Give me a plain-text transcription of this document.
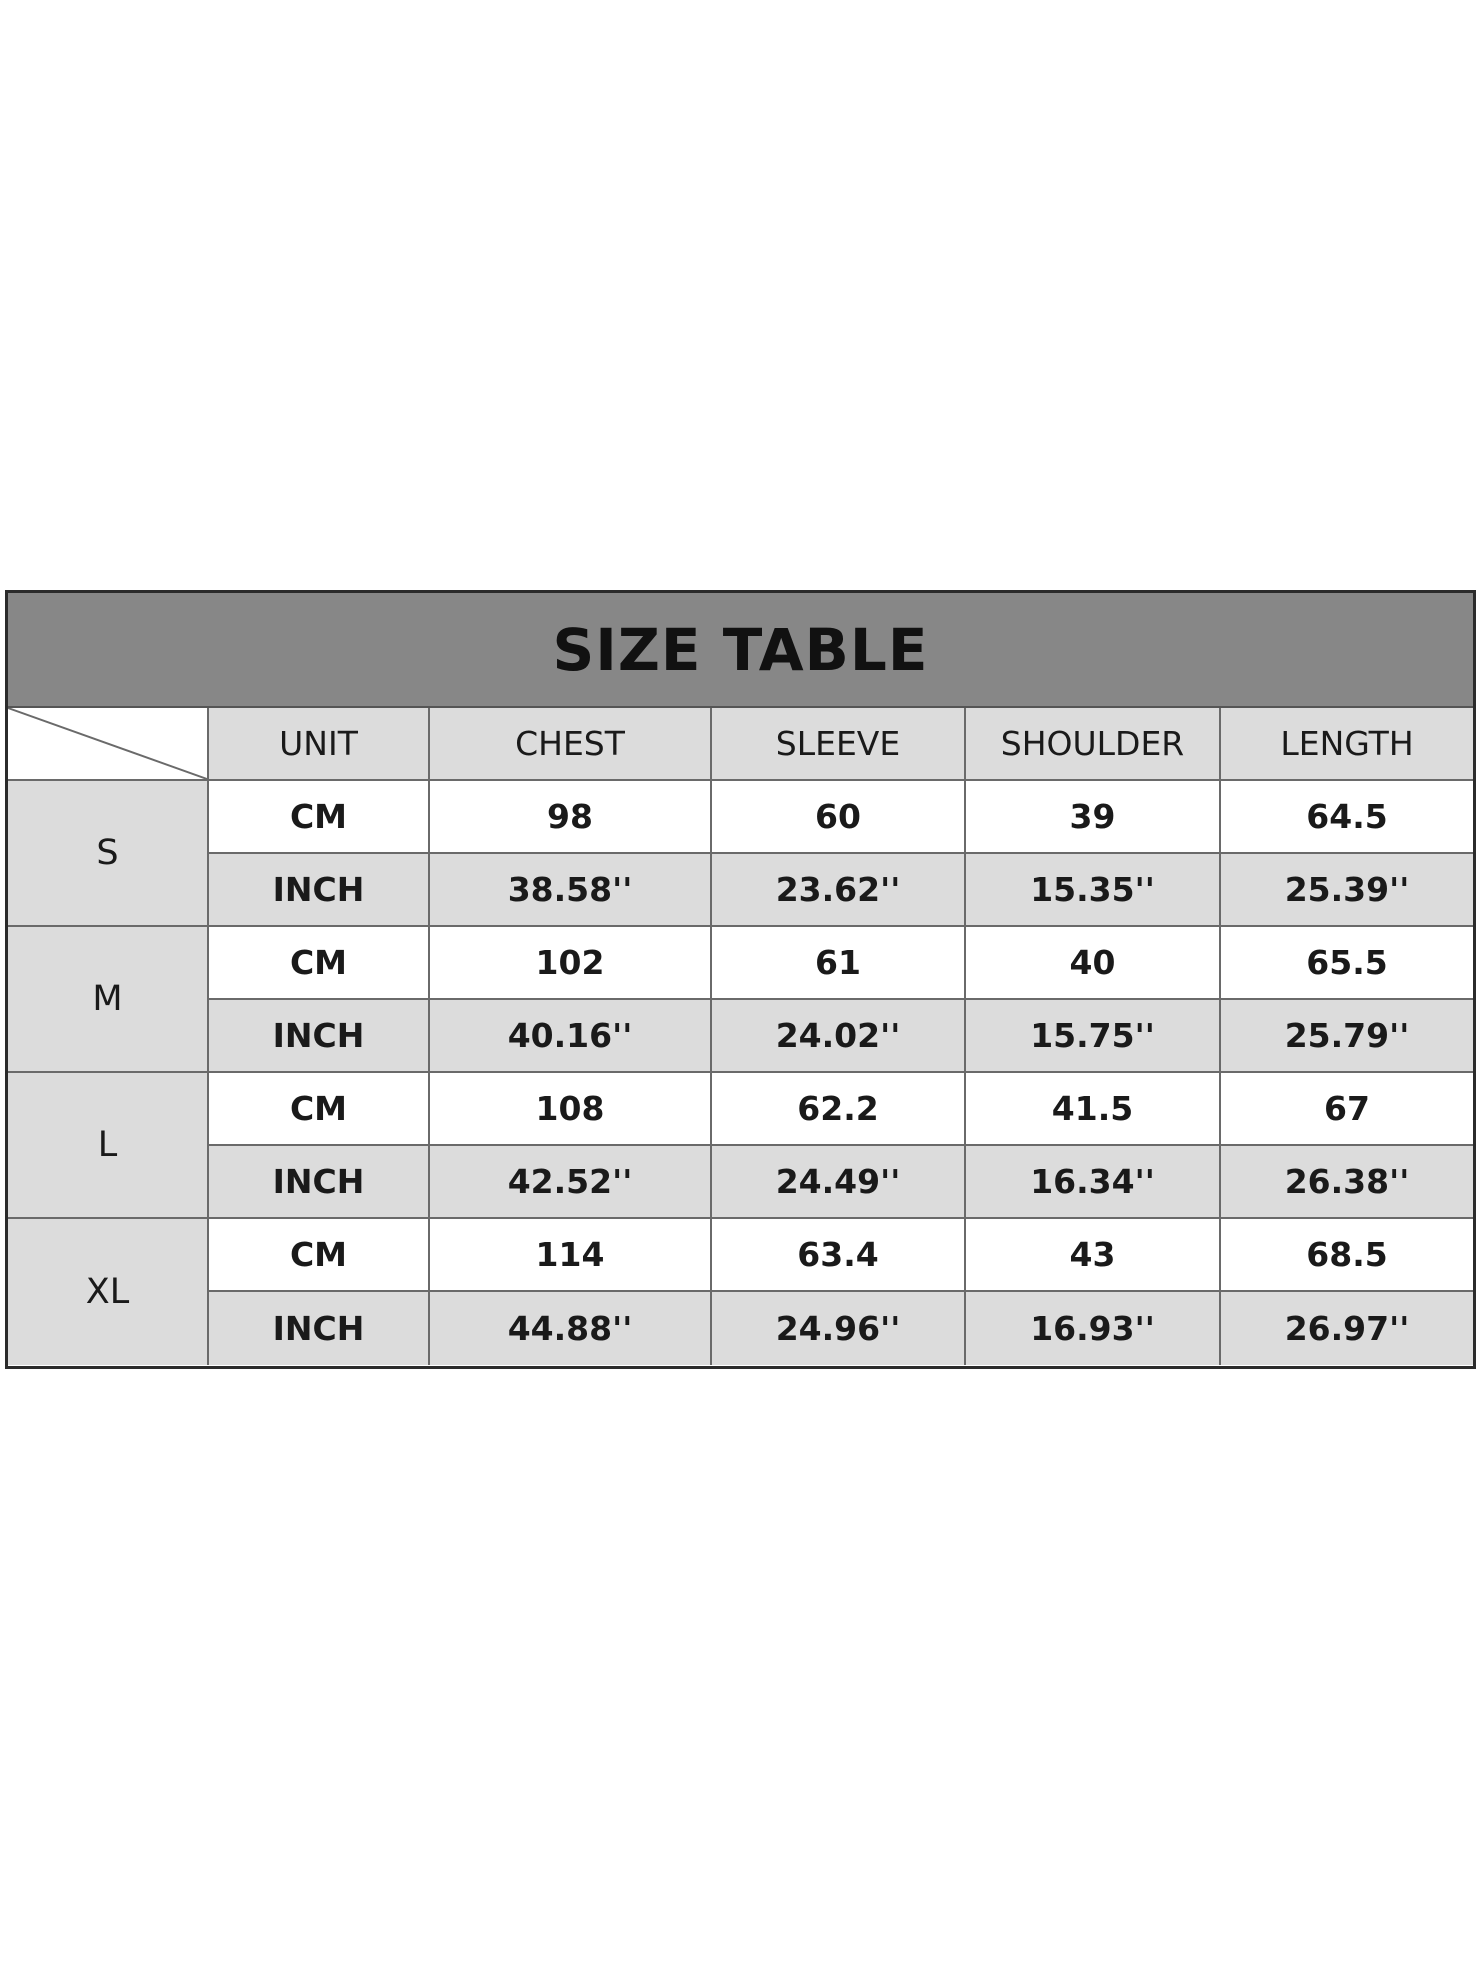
SIZE TABLE
UNIT	CHEST	SLEEVE	SHOULDER	LENGTH
S
CM	98	60	39	64.5
INCH	38.58''	23.62''	15.35''	25.39''
M
CM	102	61	40	65.5
INCH	40.16''	24.02''	15.75''	25.79''
L
CM	108	62.2	41.5	67
INCH	42.52''	24.49''	16.34''	26.38''
XL
CM	114	63.4	43	68.5
INCH	44.88''	24.96''	16.93''	26.97''
